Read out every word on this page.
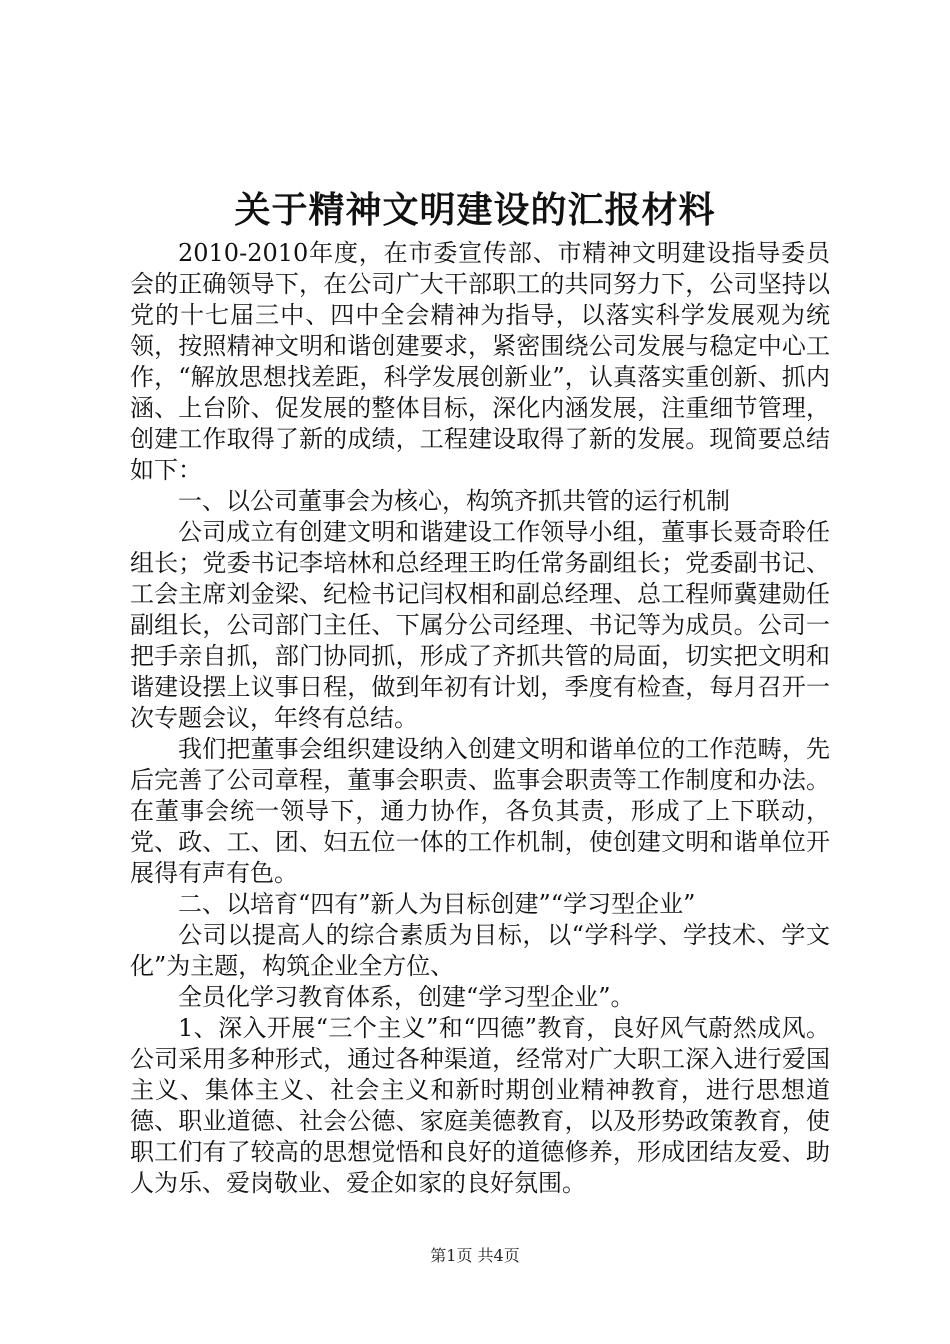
关于精神文明建设的汇报材料

2010-2010年度，在市委宣传部、市精神文明建设指导委员会的正确领导下，在公司广大干部职工的共同努力下，公司坚持以党的十七届三中、四中全会精神为指导，以落实科学发展观为统领，按照精神文明和谐创建要求，紧密围绕公司发展与稳定中心工作，“解放思想找差距，科学发展创新业”，认真落实重创新、抓内涵、上台阶、促发展的整体目标，深化内涵发展，注重细节管理，创建工作取得了新的成绩，工程建设取得了新的发展。现简要总结如下：

一、以公司董事会为核心，构筑齐抓共管的运行机制

公司成立有创建文明和谐建设工作领导小组，董事长聂奇聆任组长；党委书记李培林和总经理王昀任常务副组长；党委副书记、工会主席刘金梁、纪检书记闫权相和副总经理、总工程师冀建勋任副组长，公司部门主任、下属分公司经理、书记等为成员。公司一把手亲自抓，部门协同抓，形成了齐抓共管的局面，切实把文明和谐建设摆上议事日程，做到年初有计划，季度有检查，每月召开一次专题会议，年终有总结。

我们把董事会组织建设纳入创建文明和谐单位的工作范畴，先后完善了公司章程，董事会职责、监事会职责等工作制度和办法。在董事会统一领导下，通力协作，各负其责，形成了上下联动，党、政、工、团、妇五位一体的工作机制，使创建文明和谐单位开展得有声有色。

二、以培育“四有”新人为目标创建”“学习型企业”

公司以提高人的综合素质为目标，以“学科学、学技术、学文化”为主题，构筑企业全方位、

全员化学习教育体系，创建“学习型企业”。

1、深入开展“三个主义”和“四德”教育，良好风气蔚然成风。公司采用多种形式，通过各种渠道，经常对广大职工深入进行爱国主义、集体主义、社会主义和新时期创业精神教育，进行思想道德、职业道德、社会公德、家庭美德教育，以及形势政策教育，使职工们有了较高的思想觉悟和良好的道德修养，形成团结友爱、助人为乐、爱岗敬业、爱企如家的良好氛围。

第1页 共4页
